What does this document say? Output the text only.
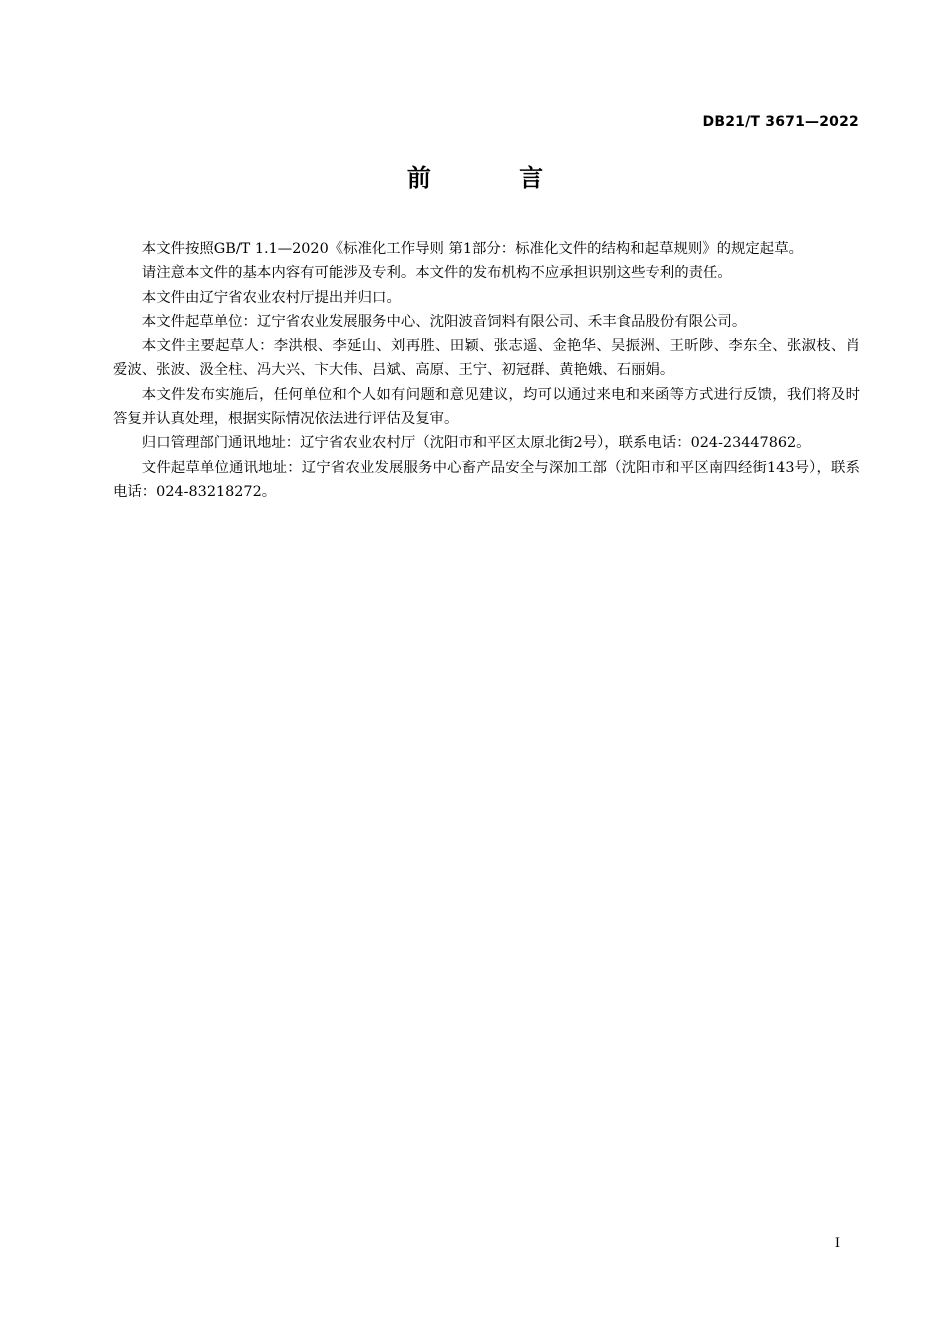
DB21/T 3671—2022
前 言

本文件按照GB/T 1.1—2020《标准化工作导则 第1部分：标准化文件的结构和起草规则》的规定起草。

请注意本文件的基本内容有可能涉及专利。本文件的发布机构不应承担识别这些专利的责任。

本文件由辽宁省农业农村厅提出并归口。

本文件起草单位：辽宁省农业发展服务中心、沈阳波音饲料有限公司、禾丰食品股份有限公司。

本文件主要起草人：李洪根、李延山、刘再胜、田颖、张志遥、金艳华、吴振洲、王昕陟、李东全、张淑枝、肖爱波、张波、汲全柱、冯大兴、卞大伟、吕斌、高原、王宁、初冠群、黄艳娥、石丽娟。

本文件发布实施后，任何单位和个人如有问题和意见建议，均可以通过来电和来函等方式进行反馈，我们将及时答复并认真处理，根据实际情况依法进行评估及复审。

归口管理部门通讯地址：辽宁省农业农村厅（沈阳市和平区太原北街2号），联系电话：024-23447862。

文件起草单位通讯地址：辽宁省农业发展服务中心畜产品安全与深加工部（沈阳市和平区南四经街143号），联系电话：024-83218272。

I
